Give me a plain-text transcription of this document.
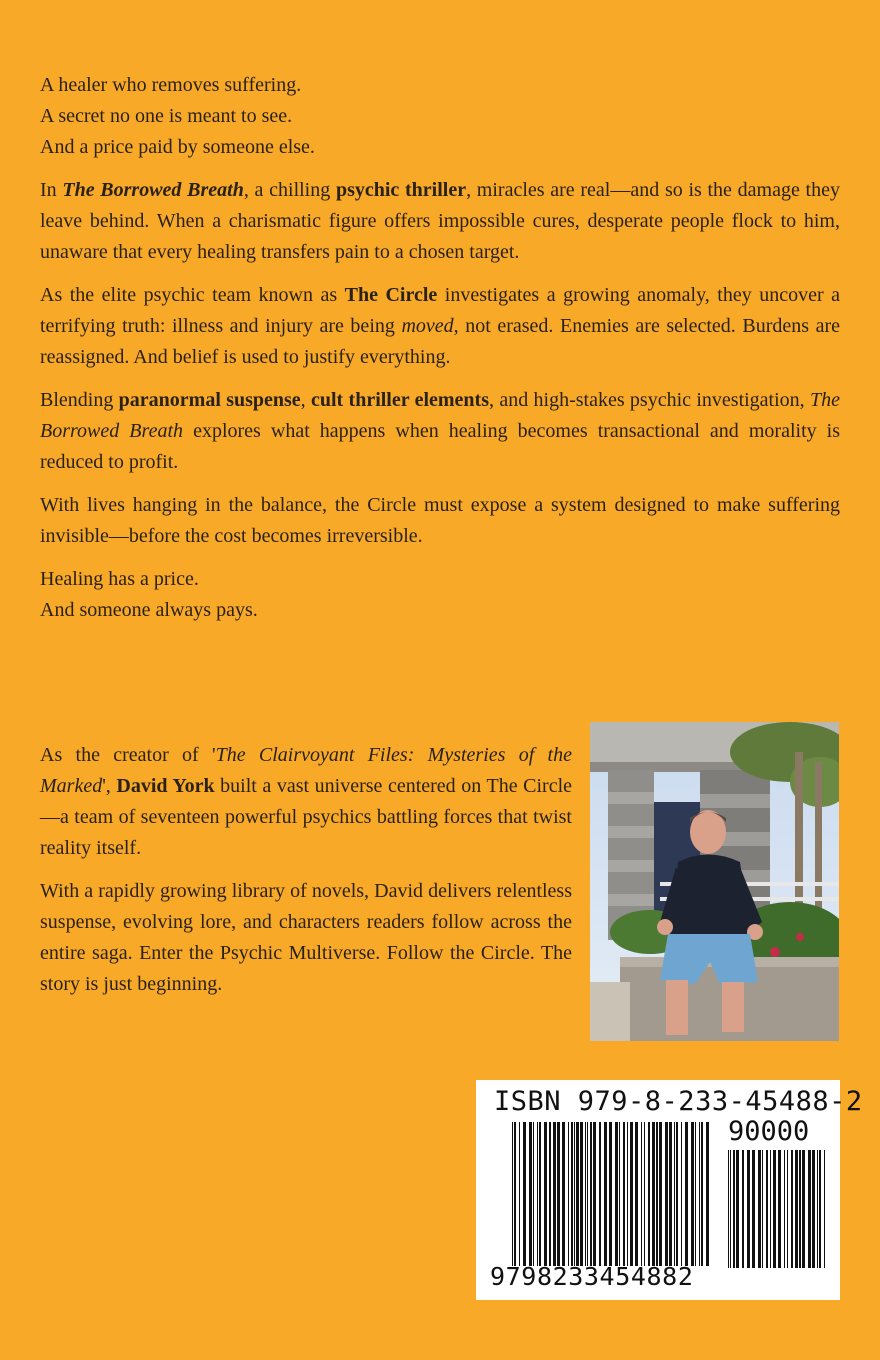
A healer who removes suffering.
A secret no one is meant to see.
And a price paid by someone else.

In The Borrowed Breath, a chilling psychic thriller, miracles are real—and so is the damage they leave behind. When a charismatic figure offers impossible cures, desperate people flock to him, unaware that every healing transfers pain to a chosen target.

As the elite psychic team known as The Circle investigates a growing anomaly, they uncover a terrifying truth: illness and injury are being moved, not erased. Enemies are selected. Burdens are reassigned. And belief is used to justify everything.

Blending paranormal suspense, cult thriller elements, and high-stakes psychic investigation, The Borrowed Breath explores what happens when healing becomes transactional and morality is reduced to profit.

With lives hanging in the balance, the Circle must expose a system designed to make suffering invisible—before the cost becomes irreversible.

Healing has a price.
And someone always pays.

As the creator of 'The Clairvoyant Files: Mysteries of the Marked', David York built a vast universe centered on The Circle—a team of seventeen powerful psychics battling forces that twist reality itself.

With a rapidly growing library of novels, David delivers relentless suspense, evolving lore, and characters readers follow across the entire saga. Enter the Psychic Multiverse. Follow the Circle. The story is just beginning.

ISBN 979-8-233-45488-2
90000
9798233454882
